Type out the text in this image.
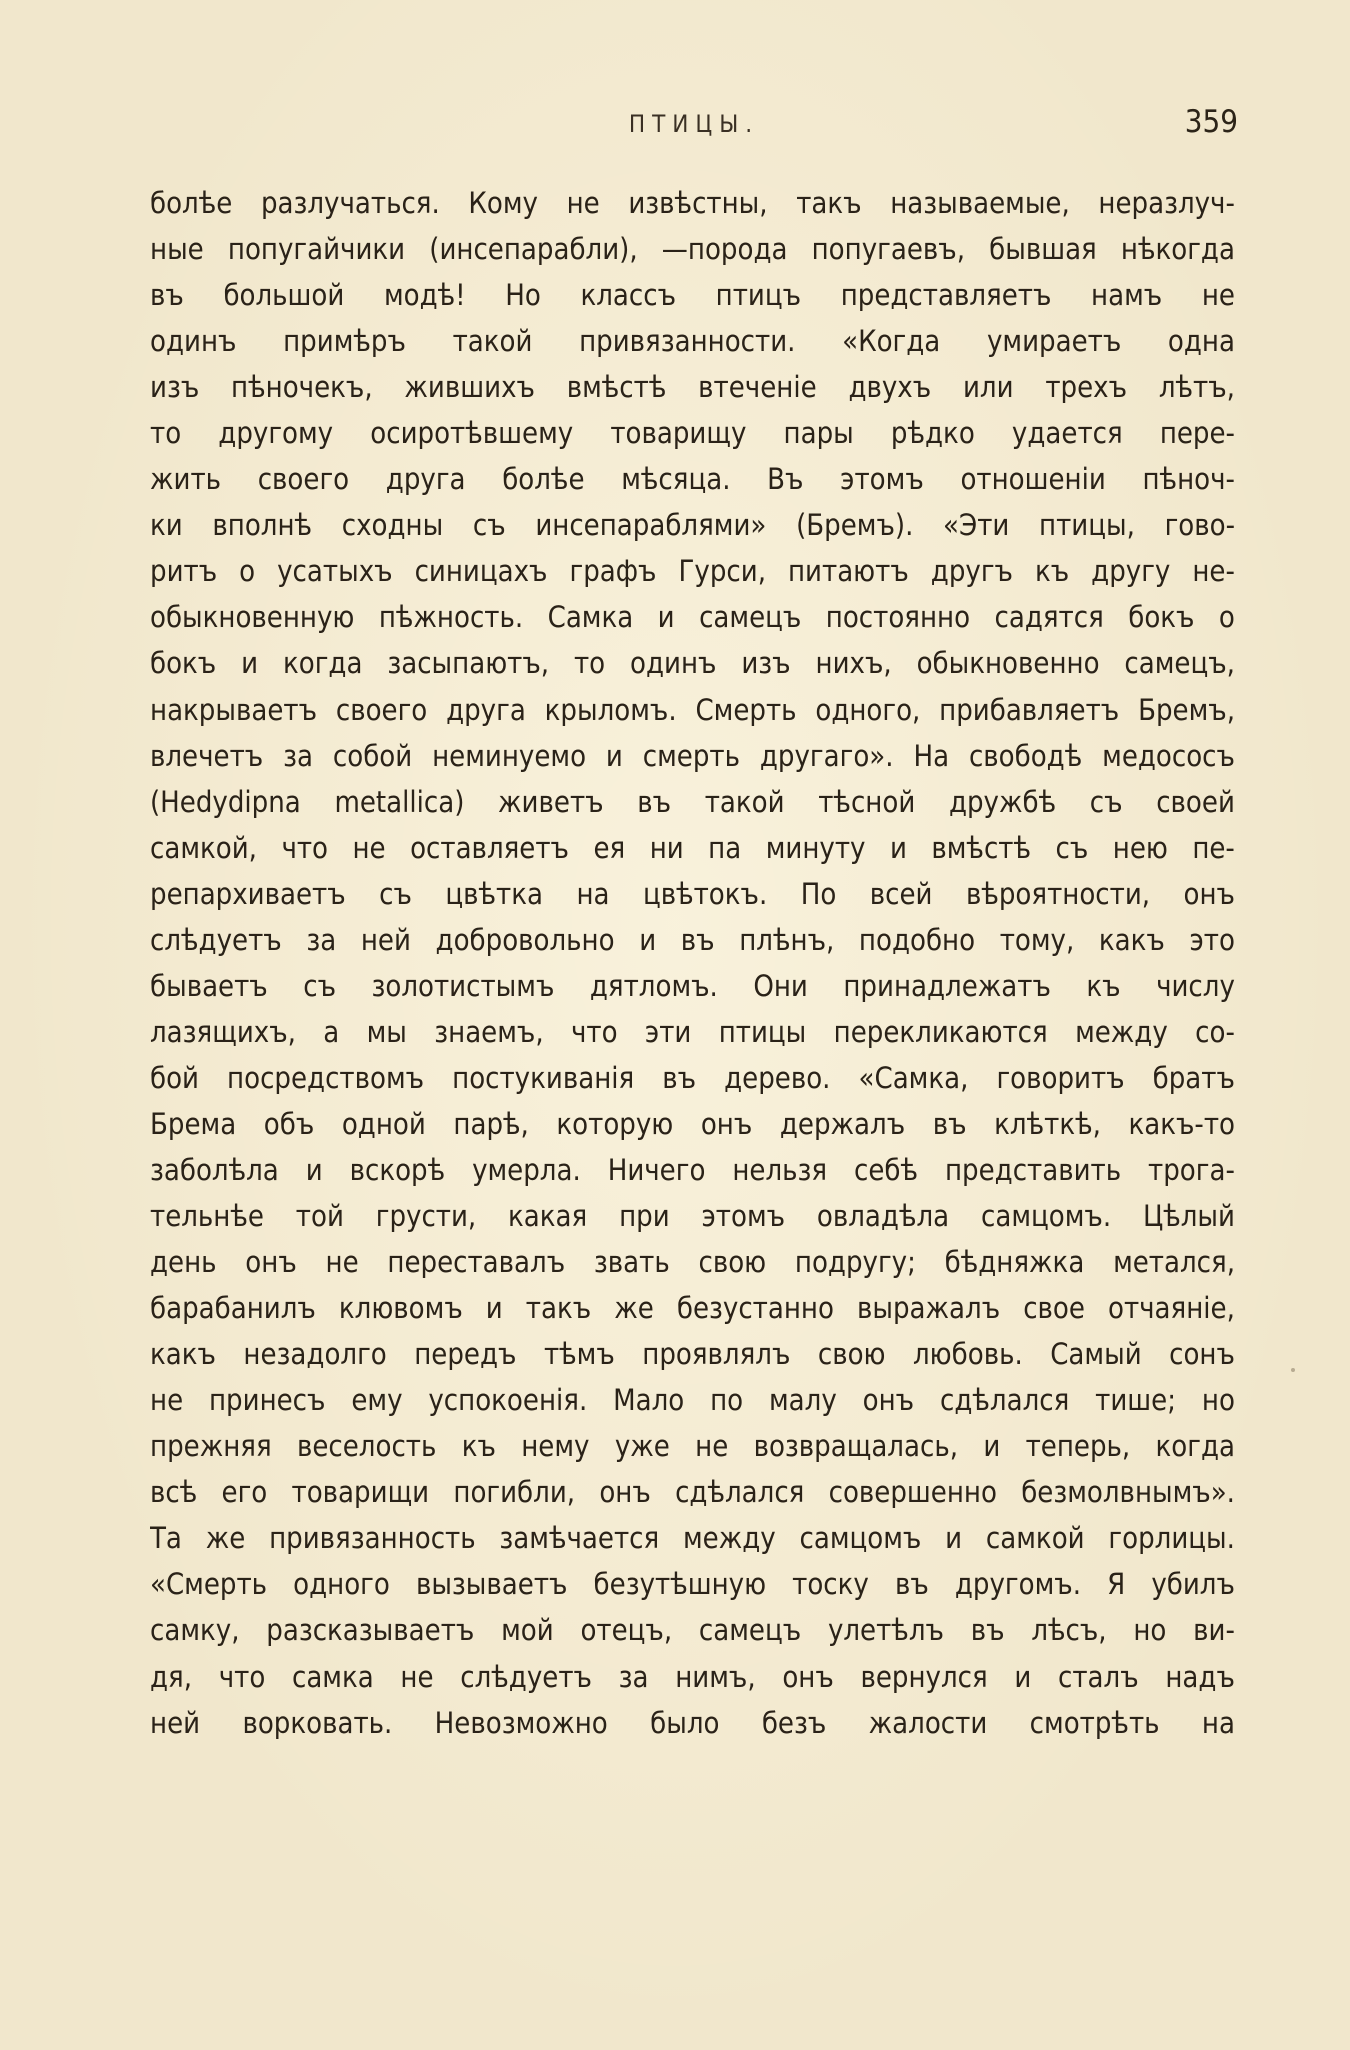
ПТИЦЫ.	359
болѣе разлучаться. Кому не извѣстны, такъ называемые, неразлуч-
ные попугайчики (инсепарабли), —порода попугаевъ, бывшая нѣкогда
въ большой модѣ! Но классъ птицъ представляетъ намъ не
одинъ примѣръ такой привязанности. «Когда умираетъ одна
изъ пѣночекъ, жившихъ вмѣстѣ втеченіе двухъ или трехъ лѣтъ,
то другому осиротѣвшему товарищу пары рѣдко удается пере-
жить своего друга болѣе мѣсяца. Въ этомъ отношеніи пѣноч-
ки вполнѣ сходны съ инсепараблями» (Бремъ). «Эти птицы, гово-
ритъ о усатыхъ синицахъ графъ Гурси, питаютъ другъ къ другу не-
обыкновенную пѣжность. Самка и самецъ постоянно садятся бокъ о
бокъ и когда засыпаютъ, то одинъ изъ нихъ, обыкновенно самецъ,
накрываетъ своего друга крыломъ. Смерть одного, прибавляетъ Бремъ,
влечетъ за собой неминуемо и смерть другаго». На свободѣ медососъ
(Hedydipna metallica) живетъ въ такой тѣсной дружбѣ съ своей
самкой, что не оставляетъ ея ни па минуту и вмѣстѣ съ нею пе-
репархиваетъ съ цвѣтка на цвѣтокъ. По всей вѣроятности, онъ
слѣдуетъ за ней добровольно и въ плѣнъ, подобно тому, какъ это
бываетъ съ золотистымъ дятломъ. Они принадлежатъ къ числу
лазящихъ, а мы знаемъ, что эти птицы перекликаются между со-
бой посредствомъ постукиванія въ дерево. «Самка, говоритъ братъ
Брема объ одной парѣ, которую онъ держалъ въ клѣткѣ, какъ-то
заболѣла и вскорѣ умерла. Ничего нельзя себѣ представить трога-
тельнѣе той грусти, какая при этомъ овладѣла самцомъ. Цѣлый
день онъ не переставалъ звать свою подругу; бѣдняжка метался,
барабанилъ клювомъ и такъ же безустанно выражалъ свое отчаяніе,
какъ незадолго передъ тѣмъ проявлялъ свою любовь. Самый сонъ
не принесъ ему успокоенія. Мало по малу онъ сдѣлался тише; но
прежняя веселость къ нему уже не возвращалась, и теперь, когда
всѣ его товарищи погибли, онъ сдѣлался совершенно безмолвнымъ».
Та же привязанность замѣчается между самцомъ и самкой горлицы.
«Смерть одного вызываетъ безутѣшную тоску въ другомъ. Я убилъ
самку, разсказываетъ мой отецъ, самецъ улетѣлъ въ лѣсъ, но ви-
дя, что самка не слѣдуетъ за нимъ, онъ вернулся и сталъ надъ
ней ворковать. Невозможно было безъ жалости смотрѣть на
